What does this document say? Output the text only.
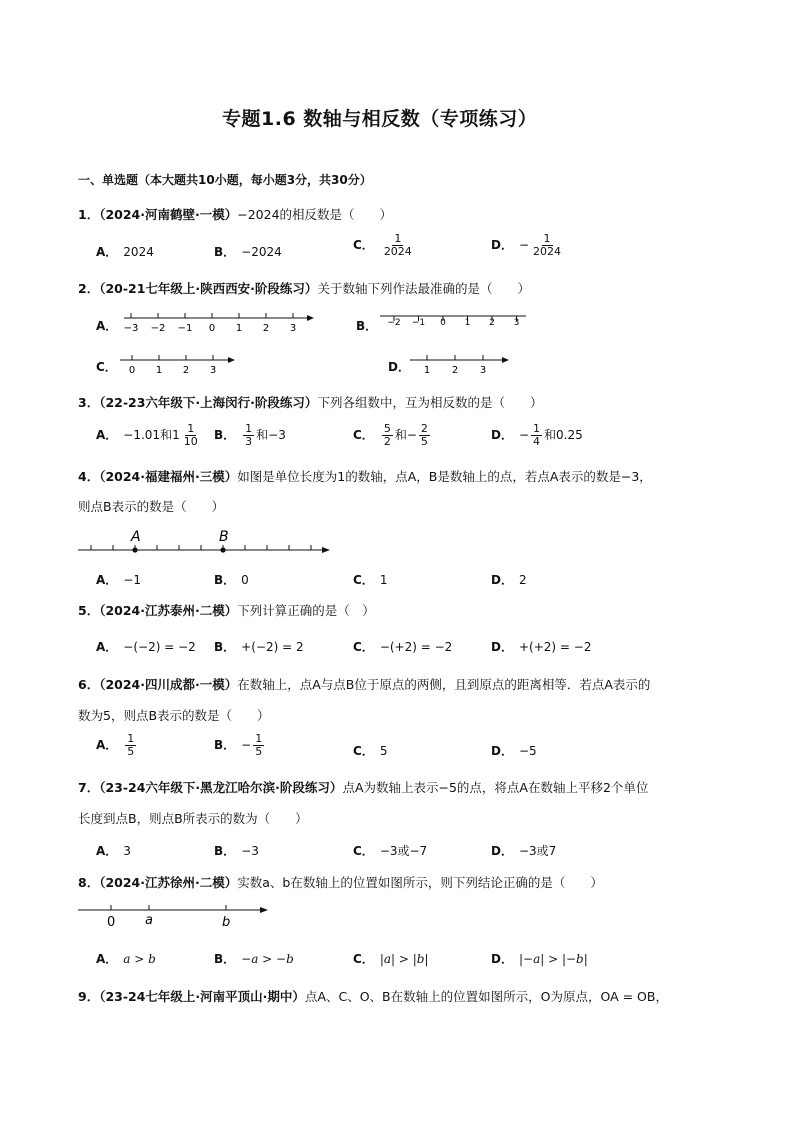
专题1.6 数轴与相反数（专项练习）
一、单选题（本大题共10小题，每小题3分，共30分）
1．（2024·河南鹤壁·一模）−2024的相反数是（　　）
A． 2024	B． −2024	C． $\frac{1}{2024}$	D． − $\frac{1}{2024}$
2．（20-21七年级上·陕西西安·阶段练习）关于数轴下列作法最准确的是（　　）
A． −3 −2 −1 0 1 2 3	B． −2 −1 0 1 2 3
C． 0 1 2 3	D． 1 2 3
3．（22-23六年级下·上海闵行·阶段练习）下列各组数中，互为相反数的是（　　）
A． −1.01和$1 \frac{1}{10}$ B． $\frac{1}{3}$ 和−3	C． $\frac{5}{2}$ 和− $\frac{2}{5}$	D． − $\frac{1}{4}$ 和0.25
4．（2024·福建福州·三模）如图是单位长度为1的数轴，点A，B是数轴上的点，若点A表示的数是−3，
则点B表示的数是（　　）
A	B
A． −1	B． 0	C． 1	D． 2
5．（2024·江苏泰州·二模）下列计算正确的是（　）
A． −(−2) = −2 B． +(−2) = 2	C． −(+2) = −2	D． +(+2) = −2
6．（2024·四川成都·一模）在数轴上，点A与点B位于原点的两侧，且到原点的距离相等．若点A表示的
数为5，则点B表示的数是（　　）
A． $\frac{1}{5}$	B． − $\frac{1}{5}$	C． 5	D． −5
7．（23-24六年级下·黑龙江哈尔滨·阶段练习）点A为数轴上表示−5的点，将点A在数轴上平移2个单位
长度到点B，则点B所表示的数为（　　）
A． 3	B． −3	C． −3或−7	D． −3或7
8．（2024·江苏徐州·二模）实数a、b在数轴上的位置如图所示，则下列结论正确的是（　　）
0 a	b
A． a > b	B． −a > −b	C． |a| > |b|	D． |−a| > |−b|
9．（23-24七年级上·河南平顶山·期中）点A、C、O、B在数轴上的位置如图所示，O为原点，OA = OB，
